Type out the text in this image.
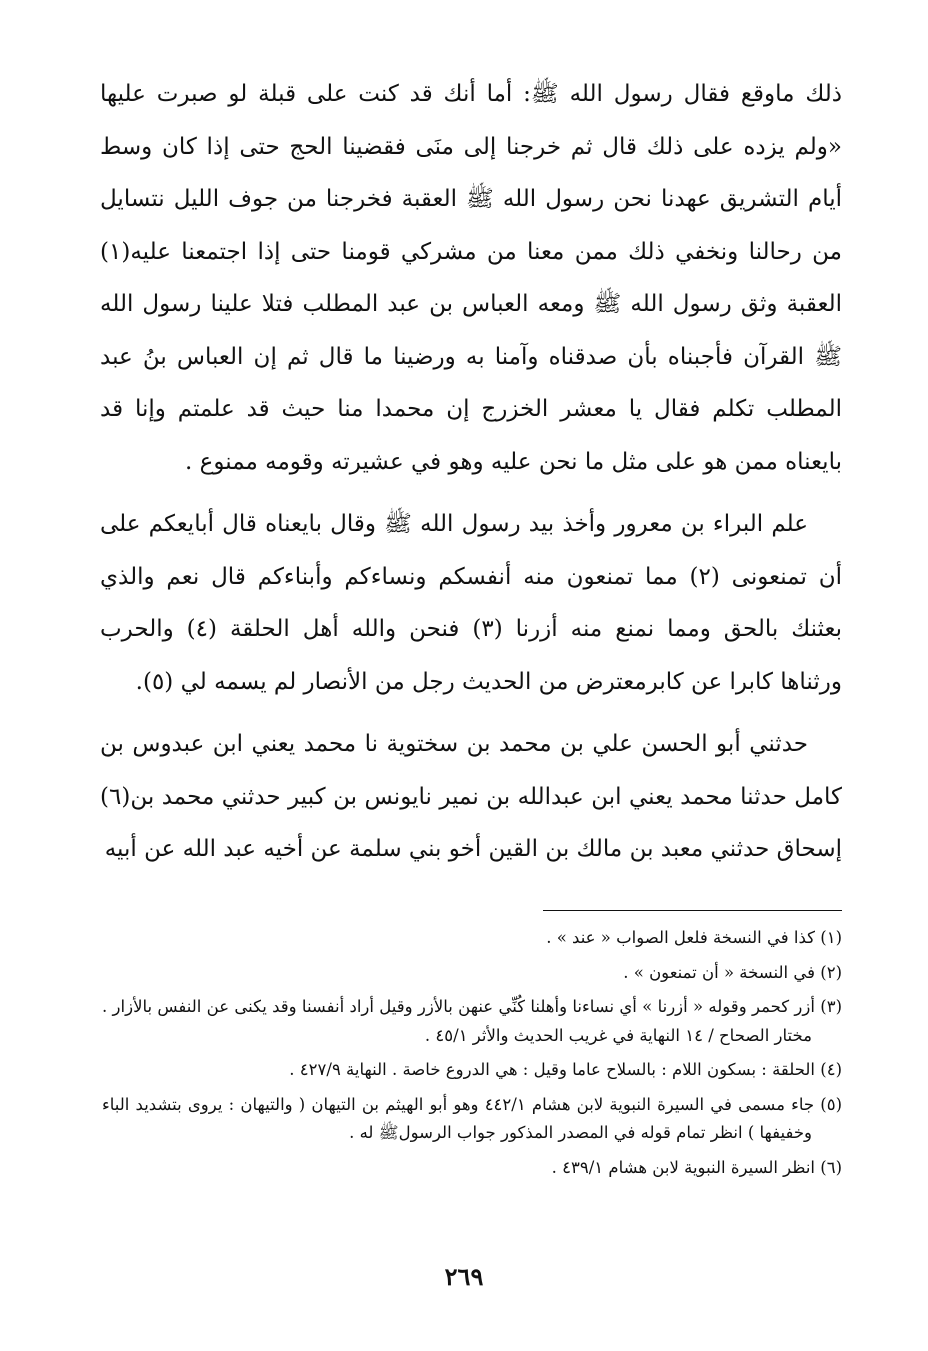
ذلك ماوقع فقال رسول الله ﷺ: أما أنك قد كنت على قبلة لو صبرت عليها «ولم يزده على ذلك قال ثم خرجنا إلى منَى فقضينا الحج حتى إذا كان وسط أيام التشريق عهدنا نحن رسول الله ﷺ العقبة فخرجنا من جوف الليل نتسايل من رحالنا ونخفي ذلك ممن معنا من مشركي قومنا حتى إذا اجتمعنا عليه(١) العقبة وثق رسول الله ﷺ ومعه العباس بن عبد المطلب فتلا علينا رسول الله ﷺ القرآن فأجبناه بأن صدقناه وآمنا به ورضينا ما قال ثم إن العباس بنُ عبد المطلب تكلم فقال يا معشر الخزرج إن محمدا منا حيث قد علمتم وإنا قد بايعناه ممن هو على مثل ما نحن عليه وهو في عشيرته وقومه ممنوع .

علم البراء بن معرور وأخذ بيد رسول الله ﷺ وقال بايعناه قال أبايعكم على أن تمنعونى (٢) مما تمنعون منه أنفسكم ونساءكم وأبناءكم قال نعم والذي بعثنك بالحق ومما نمنع منه أزرنا (٣) فنحن والله أهل الحلقة (٤) والحرب ورثناها كابرا عن كابرمعترض من الحديث رجل من الأنصار لم يسمه لي (٥).

حدثني أبو الحسن علي بن محمد بن سختوية نا محمد يعني ابن عبدوس بن كامل حدثنا محمد يعني ابن عبدالله بن نمير نايونس بن كبير حدثني محمد بن(٦) إسحاق حدثني معبد بن مالك بن القين أخو بني سلمة عن أخيه عبد الله عن أبيه

(١) كذا في النسخة فلعل الصواب « عند » .
(٢) في النسخة « أن تمنعون » .
(٣) أزر كحمر وقوله « أزرنا » أي نساءنا وأهلنا كُنِّي عنهن بالأزر وقيل أراد أنفسنا وقد يكنى عن النفس بالأزار . مختار الصحاح / ١٤ النهاية في غريب الحديث والأثر ٤٥/١ .
(٤) الحلقة : بسكون اللام : بالسلاح عاما وقيل : هي الدروع خاصة . النهاية ٤٢٧/٩ .
(٥) جاء مسمى في السيرة النبوية لابن هشام ٤٤٢/١ وهو أبو الهيثم بن التيهان ( والتيهان : يروى بتشديد الباء وخفيفها ) انظر تمام قوله في المصدر المذكور جواب الرسولﷺ له .
(٦) انظر السيرة النبوية لابن هشام ٤٣٩/١ .
٢٦٩
